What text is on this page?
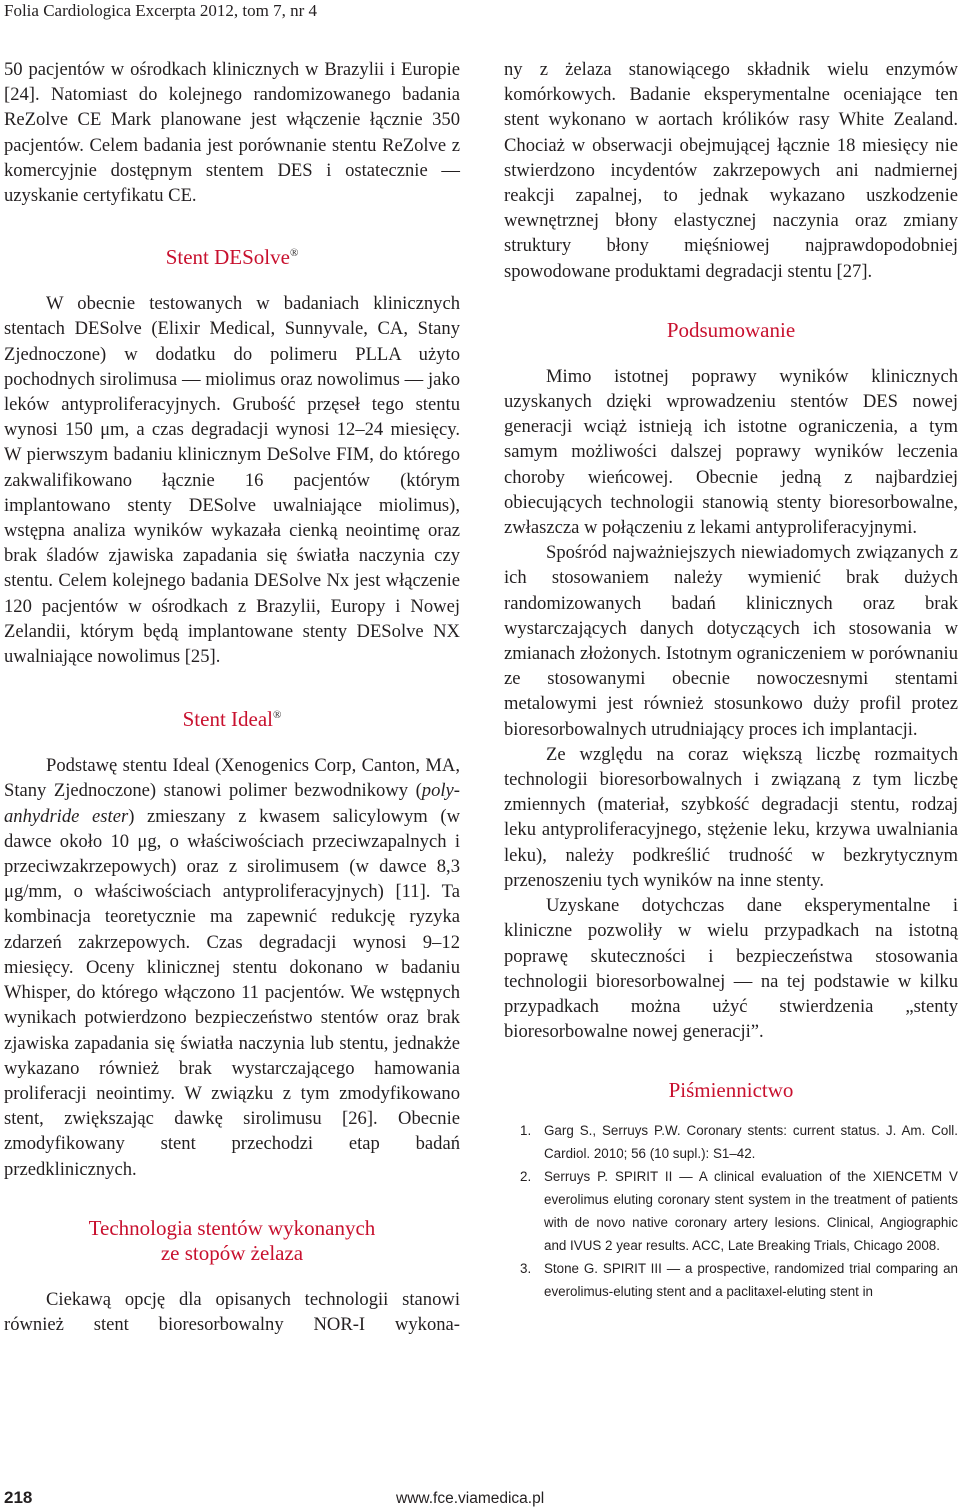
Folia Cardiologica Excerpta 2012, tom 7, nr 4

50 pacjentów w ośrodkach klinicznych w Brazylii i Europie [24]. Natomiast do kolejnego randomizowanego badania ReZolve CE Mark planowane jest włączenie łącznie 350 pacjentów. Celem badania jest porównanie stentu ReZolve z komercyjnie dostępnym stentem DES i ostatecznie — uzyskanie certyfikatu CE.

Stent DESolve®

W obecnie testowanych w badaniach klinicznych stentach DESolve (Elixir Medical, Sunnyvale, CA, Stany Zjednoczone) w dodatku do polimeru PLLA użyto pochodnych sirolimusa — miolimus oraz nowolimus — jako leków antyproliferacyjnych. Grubość przęseł tego stentu wynosi 150 μm, a czas degradacji wynosi 12–24 miesięcy. W pierwszym badaniu klinicznym DeSolve FIM, do którego zakwalifikowano łącznie 16 pacjentów (którym implantowano stenty DESolve uwalniające miolimus), wstępna analiza wyników wykazała cienką neointimę oraz brak śladów zjawiska zapadania się światła naczynia czy stentu. Celem kolejnego badania DESolve Nx jest włączenie 120 pacjentów w ośrodkach z Brazylii, Europy i Nowej Zelandii, którym będą implantowane stenty DESolve NX uwalniające nowolimus [25].

Stent Ideal®

Podstawę stentu Ideal (Xenogenics Corp, Canton, MA, Stany Zjednoczone) stanowi polimer bezwodnikowy (poly-anhydride ester) zmieszany z kwasem salicylowym (w dawce około 10 μg, o właściwościach przeciwzapalnych i przeciwzakrzepowych) oraz z sirolimusem (w dawce 8,3 μg/mm, o właściwościach antyproliferacyjnych) [11]. Ta kombinacja teoretycznie ma zapewnić redukcję ryzyka zdarzeń zakrzepowych. Czas degradacji wynosi 9–12 miesięcy. Oceny klinicznej stentu dokonano w badaniu Whisper, do którego włączono 11 pacjentów. We wstępnych wynikach potwierdzono bezpieczeństwo stentów oraz brak zjawiska zapadania się światła naczynia lub stentu, jednakże wykazano również brak wystarczającego hamowania proliferacji neointimy. W związku z tym zmodyfikowano stent, zwiększając dawkę sirolimusu [26]. Obecnie zmodyfikowany stent przechodzi etap badań przedklinicznych.

Technologia stentów wykonanych
ze stopów żelaza

Ciekawą opcję dla opisanych technologii stanowi również stent bioresorbowalny NOR-I wykona-

ny z żelaza stanowiącego składnik wielu enzymów komórkowych. Badanie eksperymentalne oceniające ten stent wykonano w aortach królików rasy White Zealand. Chociaż w obserwacji obejmującej łącznie 18 miesięcy nie stwierdzono incydentów zakrzepowych ani nadmiernej reakcji zapalnej, to jednak wykazano uszkodzenie wewnętrznej błony elastycznej naczynia oraz zmiany struktury błony mięśniowej najprawdopodobniej spowodowane produktami degradacji stentu [27].

Podsumowanie

Mimo istotnej poprawy wyników klinicznych uzyskanych dzięki wprowadzeniu stentów DES nowej generacji wciąż istnieją ich istotne ograniczenia, a tym samym możliwości dalszej poprawy wyników leczenia choroby wieńcowej. Obecnie jedną z najbardziej obiecujących technologii stanowią stenty bioresorbowalne, zwłaszcza w połączeniu z lekami antyproliferacyjnymi.

Spośród najważniejszych niewiadomych związanych z ich stosowaniem należy wymienić brak dużych randomizowanych badań klinicznych oraz brak wystarczających danych dotyczących ich stosowania w zmianach złożonych. Istotnym ograniczeniem w porównaniu ze stosowanymi obecnie nowoczesnymi stentami metalowymi jest również stosunkowo duży profil protez bioresorbowalnych utrudniający proces ich implantacji.

Ze względu na coraz większą liczbę rozmaitych technologii bioresorbowalnych i związaną z tym liczbę zmiennych (materiał, szybkość degradacji stentu, rodzaj leku antyproliferacyjnego, stężenie leku, krzywa uwalniania leku), należy podkreślić trudność w bezkrytycznym przenoszeniu tych wyników na inne stenty.

Uzyskane dotychczas dane eksperymentalne i kliniczne pozwoliły w wielu przypadkach na istotną poprawę skuteczności i bezpieczeństwa stosowania technologii bioresorbowalnej — na tej podstawie w kilku przypadkach można użyć stwierdzenia „stenty bioresorbowalne nowej generacji”.

Piśmiennictwo
1. Garg S., Serruys P.W. Coronary stents: current status. J. Am. Coll. Cardiol. 2010; 56 (10 supl.): S1–42.
2. Serruys P. SPIRIT II — A clinical evaluation of the XIENCETM V everolimus eluting coronary stent system in the treatment of patients with de novo native coronary artery lesions. Clinical, Angiographic and IVUS 2 year results. ACC, Late Breaking Trials, Chicago 2008.
3. Stone G. SPIRIT III — a prospective, randomized trial comparing an everolimus-eluting stent and a paclitaxel-eluting stent in
218	www.fce.viamedica.pl
